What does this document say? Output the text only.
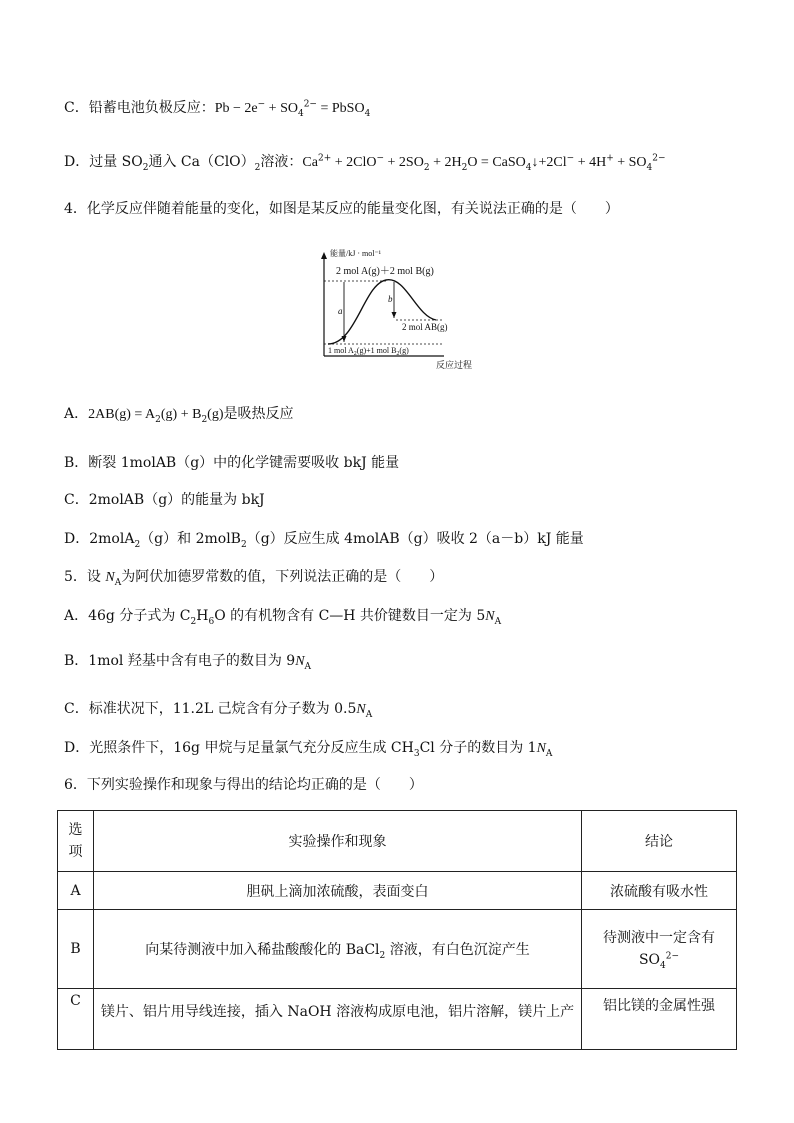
C．铅蓄电池负极反应：$Pb - 2e^- + SO_4^{2-}$ = PbSO$_4$
D．过量 $SO_2$通入 $Ca(ClO)_2$溶液：$Ca^{2+} + 2ClO^- + 2SO_2 + 2H_2O$ = CaSO$_4$↓+2Cl− + $4H^+ + SO_4^{2-}$
4．化学反应伴随着能量的变化，如图是某反应的能量变化图，有关说法正确的是（　　）
能量/kJ · mol⁻¹
2 mol A(g)＋2 mol B(g)
a
b
2 mol AB(g)
1 mol $A_2(g)+1$ mol $B_2(g)$
反应过程
A．$2AB(g) = A_2(g) + B_2(g)$是吸热反应
B．断裂 1molAB（g）中的化学键需要吸收 bkJ 能量
C．2molAB（g）的能量为 bkJ
D．2molA$_2$（g）和 2molB$_2$（g）反应生成 4molAB（g）吸收 2（a－b）kJ 能量
5．设 $N_A$为阿伏加德罗常数的值，下列说法正确的是（　　）
A．46g 分子式为 $C_2H_6O$ 的有机物含有 C—H 共价键数目一定为 $5N_A$
B．1mol 羟基中含有电子的数目为 $9N_A$
C．标准状况下，11.2L 己烷含有分子数为 $0.5N_A$
D．光照条件下，16g 甲烷与足量氯气充分反应生成 $CH_3Cl$ 分子的数目为 $1N_A$
6．下列实验操作和现象与得出的结论均正确的是（　　）
选
项	实验操作和现象	结论
A	胆矾上滴加浓硫酸，表面变白	浓硫酸有吸水性
B	向某待测液中加入稀盐酸酸化的 BaCl$_2$ 溶液，有白色沉淀产生	待测液中一定含有
$SO_4^{2-}$

C	镁片、铝片用导线连接，插入 NaOH 溶液构成原电池，铝片溶解，镁片上产	铝比镁的金属性强
